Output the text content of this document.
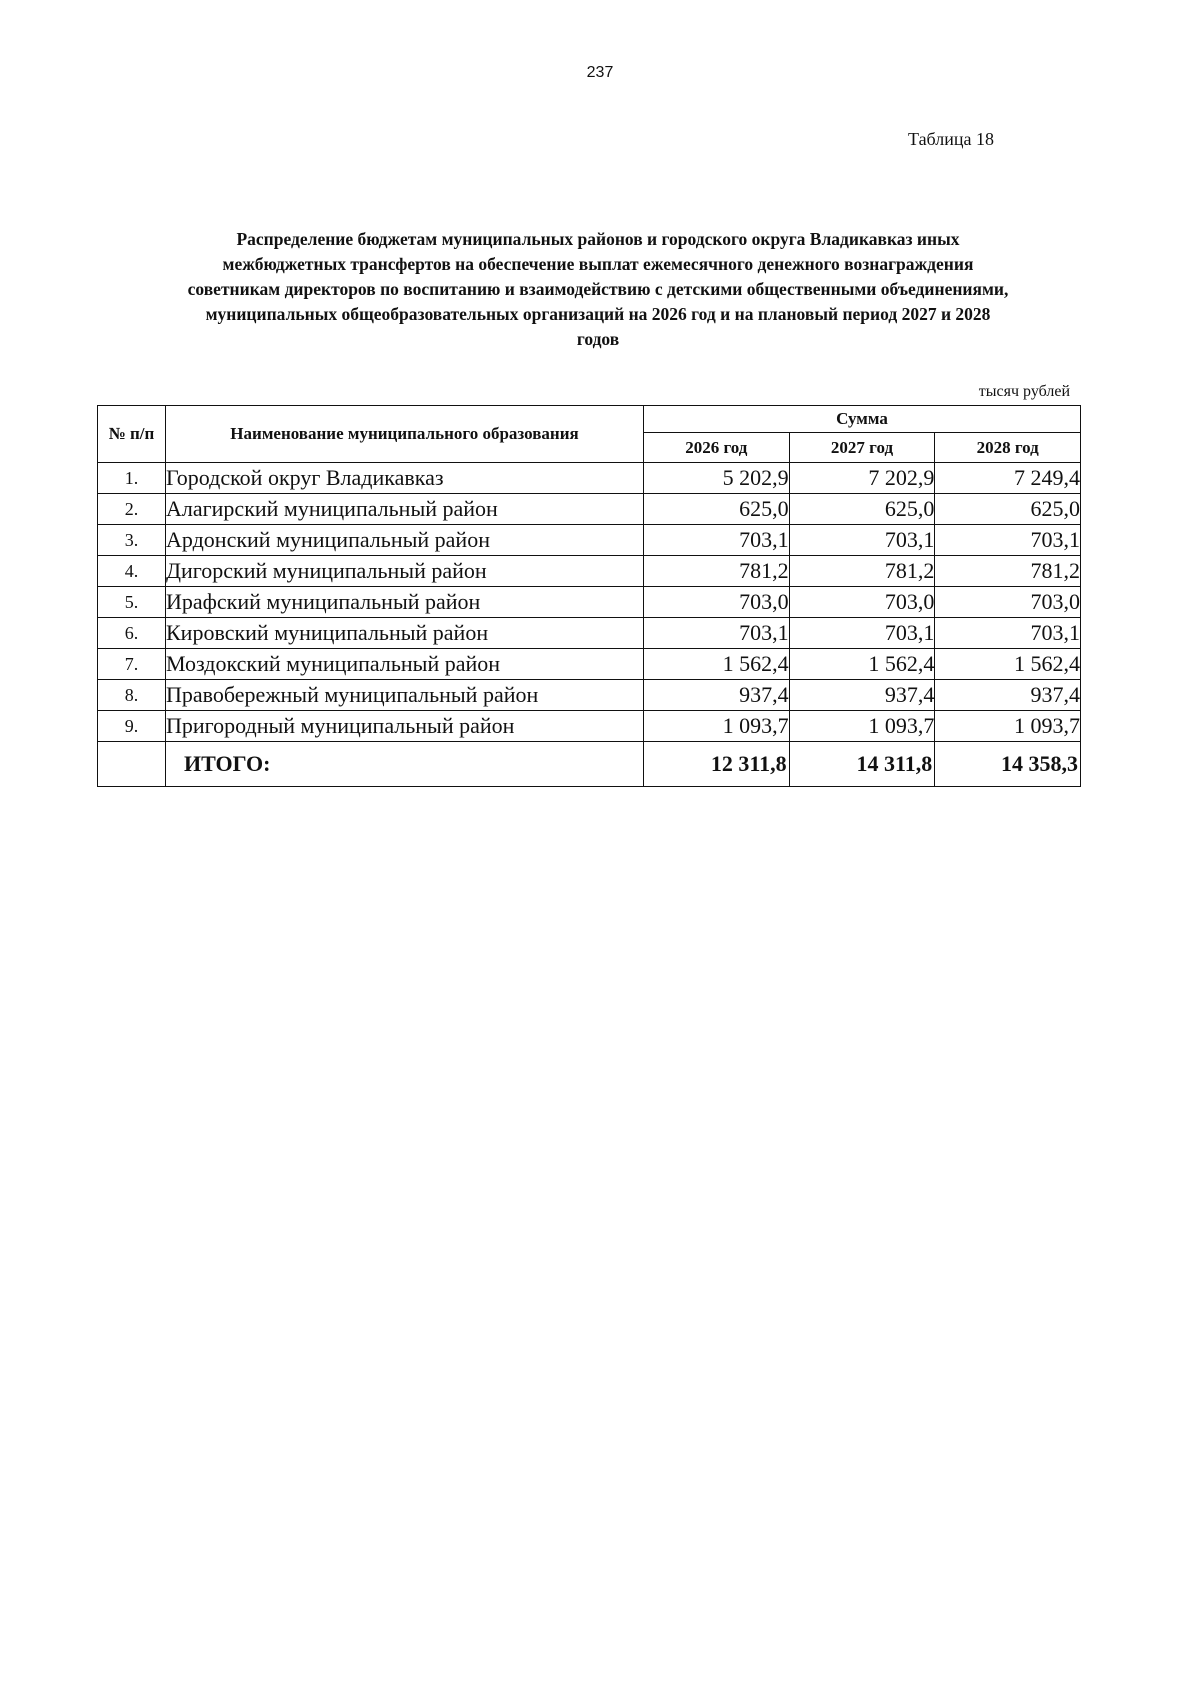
237
Таблица 18
Распределение бюджетам муниципальных районов и городского округа Владикавказ иных
межбюджетных трансфертов на обеспечение выплат ежемесячного денежного вознаграждения
советникам директоров по воспитанию и взаимодействию с детскими общественными объединениями,
муниципальных общеобразовательных организаций на 2026 год и на плановый период 2027 и 2028
годов
тысяч рублей
№ п/п	Наименование муниципального образования	Сумма		
		2026 год	2027 год	2028 год
1.	Городской округ Владикавказ	5 202,9	7 202,9	7 249,4
2.	Алагирский муниципальный район	625,0	625,0	625,0
3.	Ардонский муниципальный район	703,1	703,1	703,1
4.	Дигорский муниципальный район	781,2	781,2	781,2
5.	Ирафский муниципальный район	703,0	703,0	703,0
6.	Кировский муниципальный район	703,1	703,1	703,1
7.	Моздокский муниципальный район	1 562,4	1 562,4	1 562,4
8.	Правобережный муниципальный район	937,4	937,4	937,4
9.	Пригородный муниципальный район	1 093,7	1 093,7	1 093,7
	ИТОГО:	12 311,8	14 311,8	14 358,3
